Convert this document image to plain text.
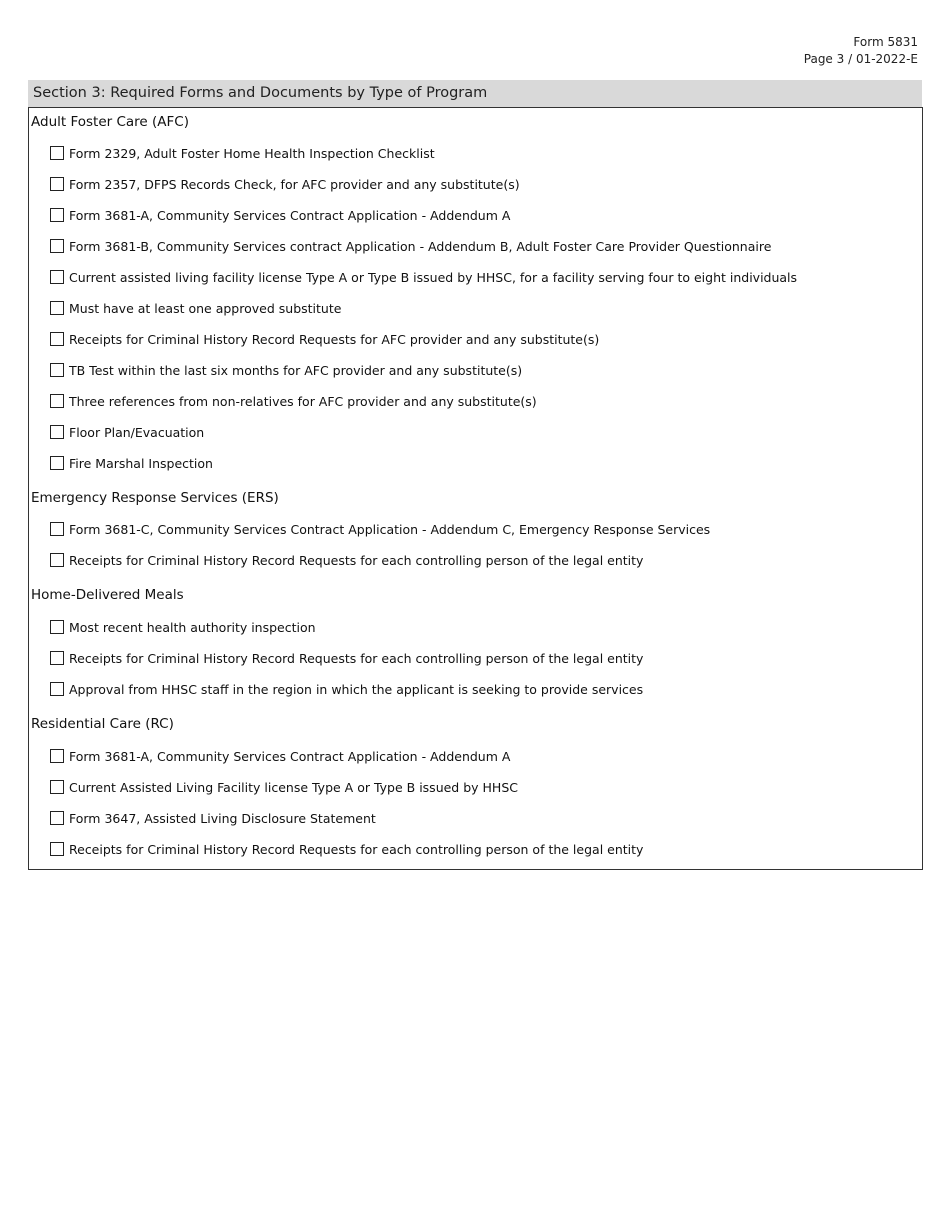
Form 5831
Page 3 / 01-2022-E
Section 3: Required Forms and Documents by Type of Program
Adult Foster Care (AFC)
Form 2329, Adult Foster Home Health Inspection Checklist
Form 2357, DFPS Records Check, for AFC provider and any substitute(s)
Form 3681-A, Community Services Contract Application - Addendum A
Form 3681-B, Community Services contract Application - Addendum B, Adult Foster Care Provider Questionnaire
Current assisted living facility license Type A or Type B issued by HHSC, for a facility serving four to eight individuals
Must have at least one approved substitute
Receipts for Criminal History Record Requests for AFC provider and any substitute(s)
TB Test within the last six months for AFC provider and any substitute(s)
Three references from non-relatives for AFC provider and any substitute(s)
Floor Plan/Evacuation
Fire Marshal Inspection
Emergency Response Services (ERS)
Form 3681-C, Community Services Contract Application - Addendum C, Emergency Response Services
Receipts for Criminal History Record Requests for each controlling person of the legal entity
Home-Delivered Meals
Most recent health authority inspection
Receipts for Criminal History Record Requests for each controlling person of the legal entity
Approval from HHSC staff in the region in which the applicant is seeking to provide services
Residential Care (RC)
Form 3681-A, Community Services Contract Application - Addendum A
Current Assisted Living Facility license Type A or Type B issued by HHSC
Form 3647, Assisted Living Disclosure Statement
Receipts for Criminal History Record Requests for each controlling person of the legal entity
